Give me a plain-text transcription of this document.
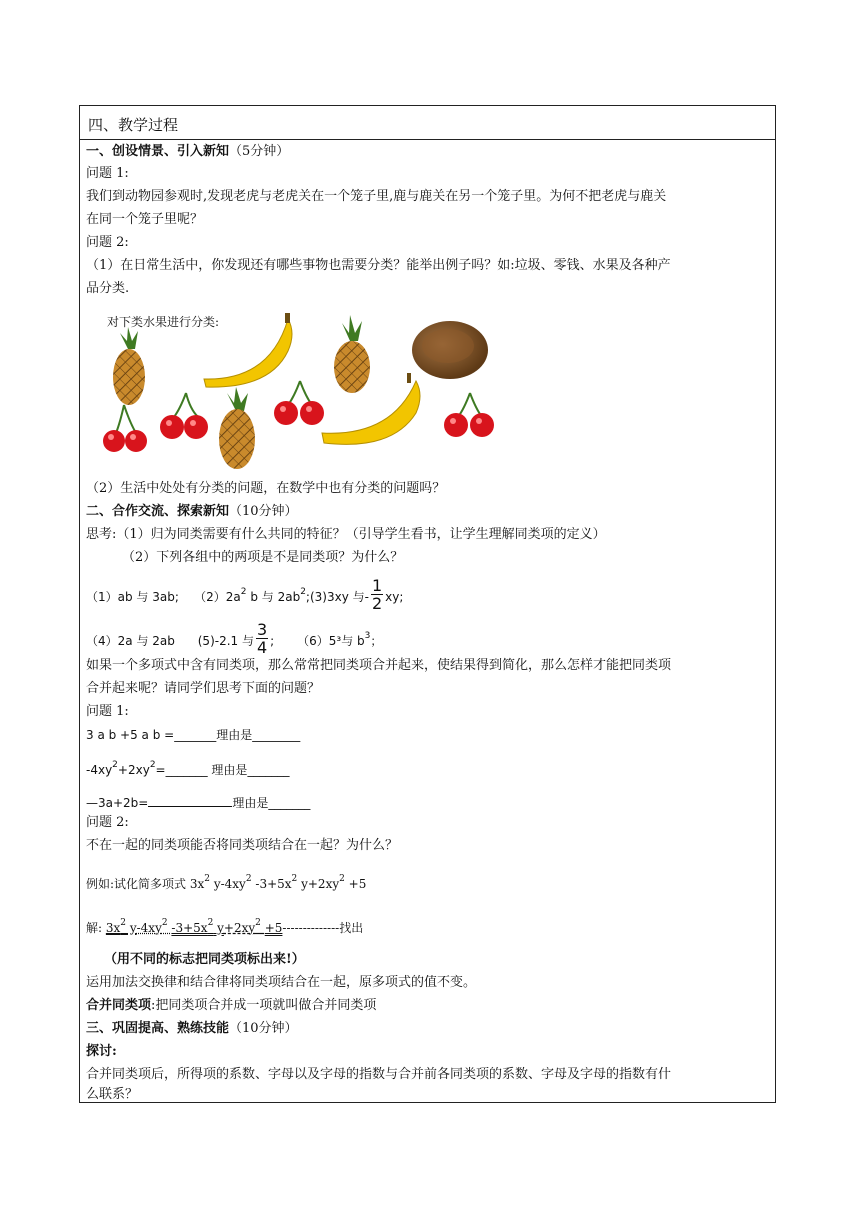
四、教学过程
一、创设情景、引入新知（5分钟）
问题 1:
我们到动物园参观时,发现老虎与老虎关在一个笼子里,鹿与鹿关在另一个笼子里。为何不把老虎与鹿关
在同一个笼子里呢？
问题 2:
（1）在日常生活中，你发现还有哪些事物也需要分类？能举出例子吗？如:垃圾、零钱、水果及各种产
品分类.
对下类水果进行分类:
（2）生活中处处有分类的问题，在数学中也有分类的问题吗？
二、合作交流、探索新知（10分钟）
思考:（1）归为同类需要有什么共同的特征？（引导学生看书，让学生理解同类项的定义）
（2）下列各组中的两项是不是同类项？为什么？
（1）ab 与 3ab; $(2)2a^2$ b 与 $2ab^2;(3)3xy$ 与- $\frac{1}{2}$ xy;
（4）2a 与 2ab (5)-2.1 与 $\frac{3}{4}$ ; （6）5³与 $b^3$；
如果一个多项式中含有同类项，那么常常把同类项合并起来，使结果得到简化，那么怎样才能把同类项
合并起来呢？请同学们思考下面的问题？
问题 1:
3 a b +5 a b =_______理由是________
$-4xy^2+2xy^2=\_\_\_\_\_\_\_$ 理由是_______
—3a+2b=	理由是_______
问题 2:
不在一起的同类项能否将同类项结合在一起？为什么？
例如:试化简多项式 $3x^2$ $y-4xy^2$ $-3+5x^2$ $y+2xy^2 +5$
解: $3x^2$ $y-4xy^2$ $-3+5x^2$ $y+2xy^2 +5--------------$找出
（用不同的标志把同类项标出来!）
运用加法交换律和结合律将同类项结合在一起，原多项式的值不变。
合并同类项:把同类项合并成一项就叫做合并同类项
三、巩固提高、熟练技能（10分钟）
探讨:
合并同类项后，所得项的系数、字母以及字母的指数与合并前各同类项的系数、字母及字母的指数有什
么联系？
